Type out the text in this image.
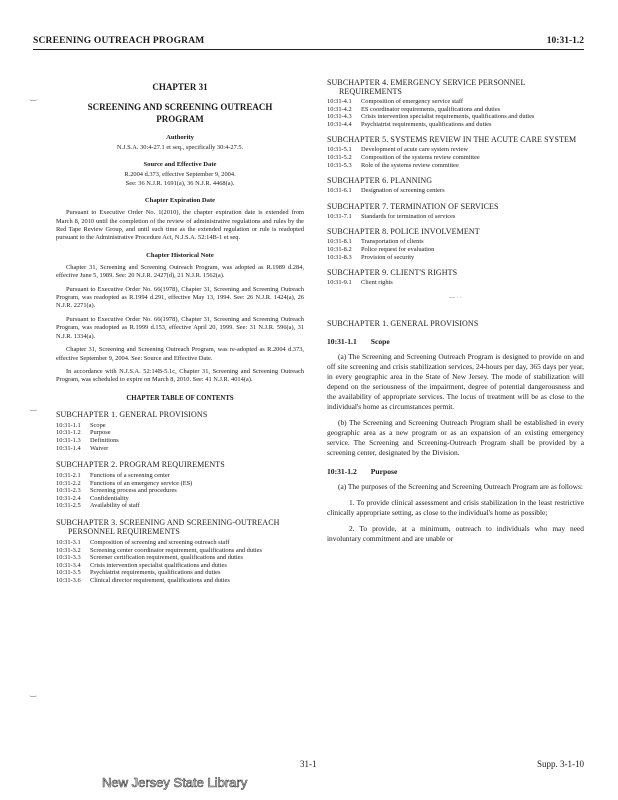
SCREENING OUTREACH PROGRAM	10:31-1.2
‿
‿
‿
CHAPTER 31
SCREENING AND SCREENING OUTREACH
PROGRAM
Authority
N.J.S.A. 30:4-27.1 et seq., specifically 30:4-27.5.
Source and Effective Date
R.2004 d.373, effective September 9, 2004.
See: 36 N.J.R. 1691(a), 36 N.J.R. 4468(a).
Chapter Expiration Date
Pursuant to Executive Order No. 1(2010), the chapter expiration date is extended from March 8, 2010 until the completion of the review of administrative regulations and rules by the Red Tape Review Group, and until such time as the extended regulation or rule is readopted pursuant to the Administrative Procedure Act, N.J.S.A. 52:14B-1 et seq.
Chapter Historical Note
Chapter 31, Screening and Screening Outreach Program, was adopted as R.1989 d.284, effective June 5, 1989. See: 20 N.J.R. 2427(d), 21 N.J.R. 1562(a).
Pursuant to Executive Order No. 66(1978), Chapter 31, Screening and Screening Outreach Program, was readopted as R.1994 d.291, effective May 13, 1994. See: 26 N.J.R. 1424(a), 26 N.J.R. 2271(a).
Pursuant to Executive Order No. 66(1978), Chapter 31, Screening and Screening Outreach Program, was readopted as R.1999 d.153, effective April 20, 1999. See: 31 N.J.R. 596(a), 31 N.J.R. 1334(a).
Chapter 31, Screening and Screening Outreach Program, was re-adopted as R.2004 d.373, effective September 9, 2004. See: Source and Effective Date.
In accordance with N.J.S.A. 52:14B-5.1c, Chapter 31, Screening and Screening Outreach Program, was scheduled to expire on March 8, 2010. See: 41 N.J.R. 4014(a).
CHAPTER TABLE OF CONTENTS
SUBCHAPTER 1. GENERAL PROVISIONS
10:31-1.1	Scope
10:31-1.2	Purpose
10:31-1.3	Definitions
10:31-1.4	Waiver
SUBCHAPTER 2. PROGRAM REQUIREMENTS
10:31-2.1	Functions of a screening center
10:31-2.2	Functions of an emergency service (ES)
10:31-2.3	Screening process and procedures
10:31-2.4	Confidentiality
10:31-2.5	Availability of staff
SUBCHAPTER 3. SCREENING AND SCREENING-OUTREACH PERSONNEL REQUIREMENTS
10:31-3.1	Composition of screening and screening outreach staff
10:31-3.2	Screening center coordinator requirement, qualifications and duties
10:31-3.3	Screener certification requirement, qualifications and duties
10:31-3.4	Crisis intervention specialist qualifications and duties
10:31-3.5	Psychiatrist requirements, qualifications and duties
10:31-3.6	Clinical director requirement, qualifications and duties
SUBCHAPTER 4. EMERGENCY SERVICE PERSONNEL REQUIREMENTS
10:31-4.1	Composition of emergency service staff
10:31-4.2	ES coordinator requirements, qualifications and duties
10:31-4.3	Crisis intervention specialist requirements, qualifications and duties
10:31-4.4	Psychiatrist requirements, qualifications and duties
SUBCHAPTER 5. SYSTEMS REVIEW IN THE ACUTE CARE SYSTEM
10:31-5.1	Development of acute care system review
10:31-5.2	Composition of the systems review committee
10:31-5.3	Role of the systems review committee
SUBCHAPTER 6. PLANNING
10:31-6.1	Designation of screening centers
SUBCHAPTER 7. TERMINATION OF SERVICES
10:31-7.1	Standards for termination of services
SUBCHAPTER 8. POLICE INVOLVEMENT
10:31-8.1	Transportation of clients
10:31-8.2	Police request for evaluation
10:31-8.3	Provision of security
SUBCHAPTER 9. CLIENT'S RIGHTS
10:31-9.1	Client rights
— · ·
SUBCHAPTER 1. GENERAL PROVISIONS
10:31-1.1 Scope
(a) The Screening and Screening Outreach Program is designed to provide on and off site screening and crisis stabilization services, 24-hours per day, 365 days per year, in every geographic area in the State of New Jersey. The mode of stabilization will depend on the seriousness of the impairment, degree of potential dangerousness and the availability of appropriate services. The locus of treatment will be as close to the individual's home as circumstances permit.
(b) The Screening and Screening Outreach Program shall be established in every geographic area as a new program or as an expansion of an existing emergency service. The Screening and Screening-Outreach Program shall be provided by a screening center, designated by the Division.
10:31-1.2 Purpose
(a) The purposes of the Screening and Screening Outreach Program are as follows:
1. To provide clinical assessment and crisis stabilization in the least restrictive clinically appropriate setting, as close to the individual's home as possible;
2. To provide, at a minimum, outreach to individuals who may need involuntary commitment and are unable or
31-1	Supp. 3-1-10
New Jersey State Library
